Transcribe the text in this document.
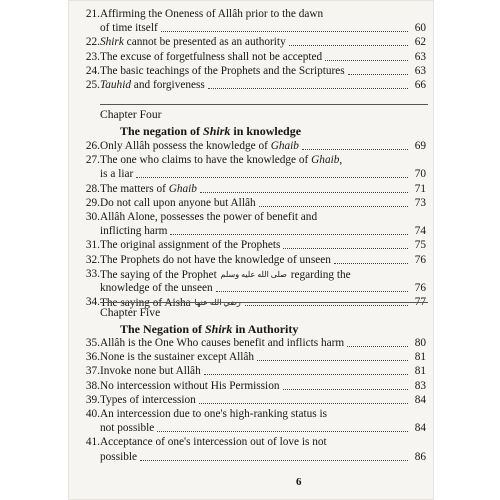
21. Affirming the Oneness of Allâh prior to the dawn
of time itself	60
22. Shirk cannot be presented as an authority	62
23. The excuse of forgetfulness shall not be accepted	63
24. The basic teachings of the Prophets and the Scriptures	63
25. Tauhid and forgiveness	66
Chapter Four
The negation of Shirk in knowledge
26. Only Allâh possess the knowledge of Ghaib	69
27. The one who claims to have the knowledge of Ghaib,
is a liar	70
28. The matters of Ghaib	71
29. Do not call upon anyone but Allâh	73
30. Allâh Alone, possesses the power of benefit and
inflicting harm	74
31. The original assignment of the Prophets	75
32. The Prophets do not have the knowledge of unseen	76
33. The saying of the Prophet صلى الله عليه وسلم regarding the
knowledge of the unseen	76
34. The saying of Aisha رضي الله عنها	77
Chapter Five
The Negation of Shirk in Authority
35. Allâh is the One Who causes benefit and inflicts harm	80
36. None is the sustainer except Allâh	81
37. Invoke none but Allâh	81
38. No intercession without His Permission	83
39. Types of intercession	84
40. An intercession due to one's high-ranking status is
not possible	84
41. Acceptance of one's intercession out of love is not
possible	86
6
